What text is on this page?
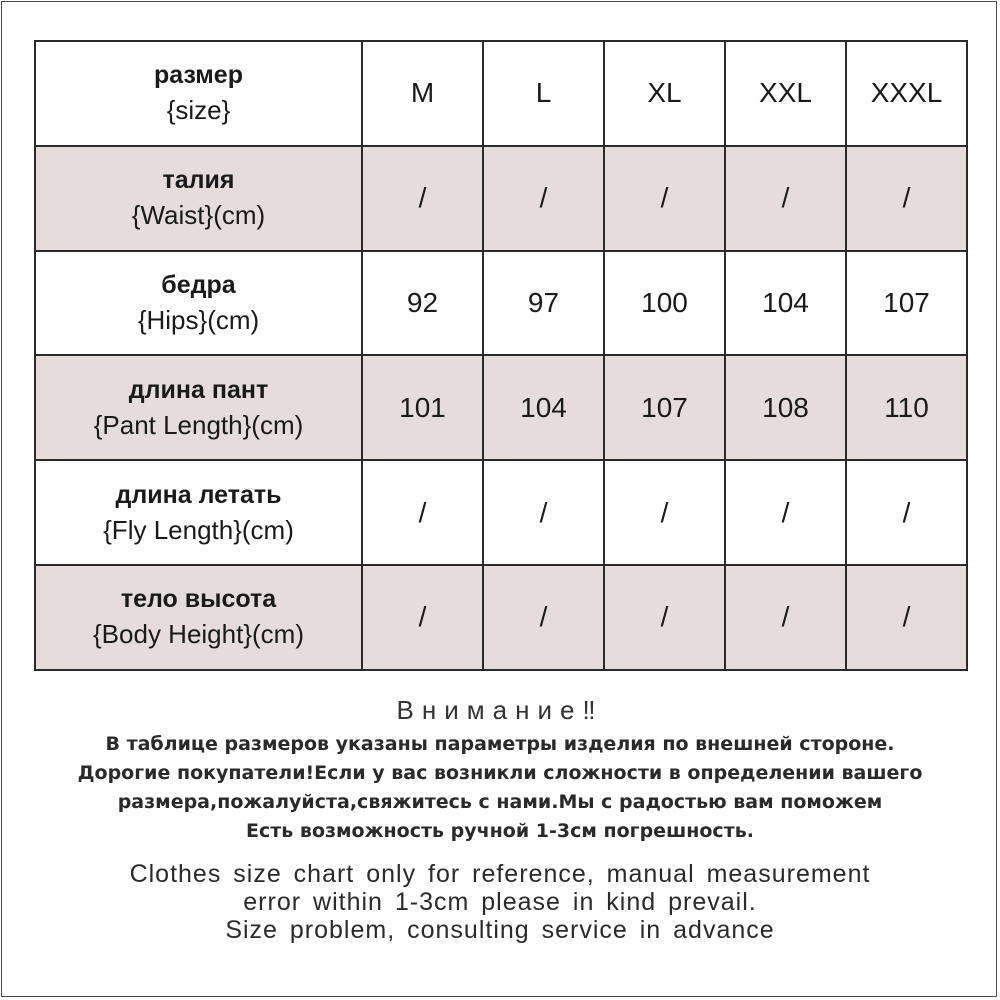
размер
{size}	M	L	XL	XXL	XXXL

талия
{Waist}(cm)	/	/	/	/	/

бедра
{Hips}(cm)	92	97	100	104	107

длина пант
{Pant Length}(cm)	101	104	107	108	110

длина летать
{Fly Length}(cm)	/	/	/	/	/

тело высота
{Body Height}(cm)	/	/	/	/	/

Внимание‼

В таблице размеров указаны параметры изделия по внешней стороне.

Дорогие покупатели!Если у вас возникли сложности в определении вашего

размера,пожалуйста,свяжитесь с нами.Мы с радостью вам поможем

Есть возможность ручной 1-3см погрешность.

Clothes size chart only for reference, manual measurement

error within 1-3cm please in kind prevail.

Size problem, consulting service in advance
